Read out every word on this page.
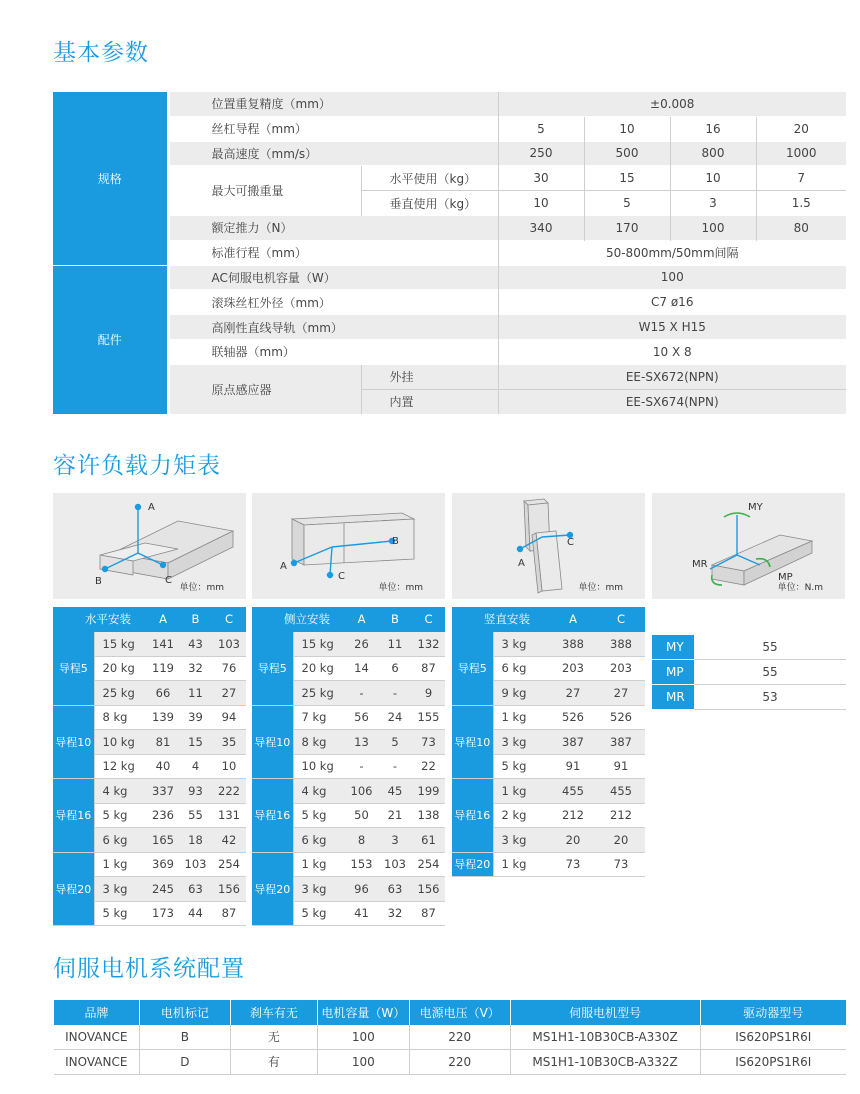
基本参数
规格	位置重复精度（mm）		±0.008			
	丝杠导程（mm）		5	10	16	20
	最高速度（mm/s）		250	500	800	1000
	最大可搬重量	水平使用（kg）	30	15	10	7
		垂直使用（kg）	10	5	3	1.5
	额定推力（N）		340	170	100	80
	标准行程（mm）		50-800mm/50mm间隔			
配件	AC伺服电机容量（W）		100			
	滚珠丝杠外径（mm）		C7 ø16			
	高刚性直线导轨（mm）		W15 X H15			
	联轴器（mm）		10 X 8			
	原点感应器	外挂	EE-SX672(NPN)			
		内置	EE-SX674(NPN)			
容许负载力矩表
A
B	C
单位：mm
B
C
A
单位：mm
C
A
单位：mm
MY
MR
MP
单位：N.m
水平安装		A	B	C
导程5	15 kg	141	43	103
	20 kg	119	32	76
	25 kg	66	11	27
导程10	8 kg	139	39	94
	10 kg	81	15	35
	12 kg	40	4	10
导程16	4 kg	337	93	222
	5 kg	236	55	131
	6 kg	165	18	42
导程20	1 kg	369	103	254
	3 kg	245	63	156
	5 kg	173	44	87
侧立安装		A	B	C
导程5	15 kg	26	11	132
	20 kg	14	6	87
	25 kg	-	-	9
导程10	7 kg	56	24	155
	8 kg	13	5	73
	10 kg	-	-	22
导程16	4 kg	106	45	199
	5 kg	50	21	138
	6 kg	8	3	61
导程20	1 kg	153	103	254
	3 kg	96	63	156
	5 kg	41	32	87
竖直安装		A	C
导程5	3 kg	388	388
	6 kg	203	203
	9 kg	27	27
导程10	1 kg	526	526
	3 kg	387	387
	5 kg	91	91
导程16	1 kg	455	455
	2 kg	212	212
	3 kg	20	20
导程20	1 kg	73	73
MY	55
MP	55
MR	53
伺服电机系统配置
品牌	电机标记	刹车有无	电机容量（W）	电源电压（V）	伺服电机型号	驱动器型号
INOVANCE	B	无	100	220	MS1H1-10B30CB-A330Z	IS620PS1R6I
INOVANCE	D	有	100	220	MS1H1-10B30CB-A332Z	IS620PS1R6I
